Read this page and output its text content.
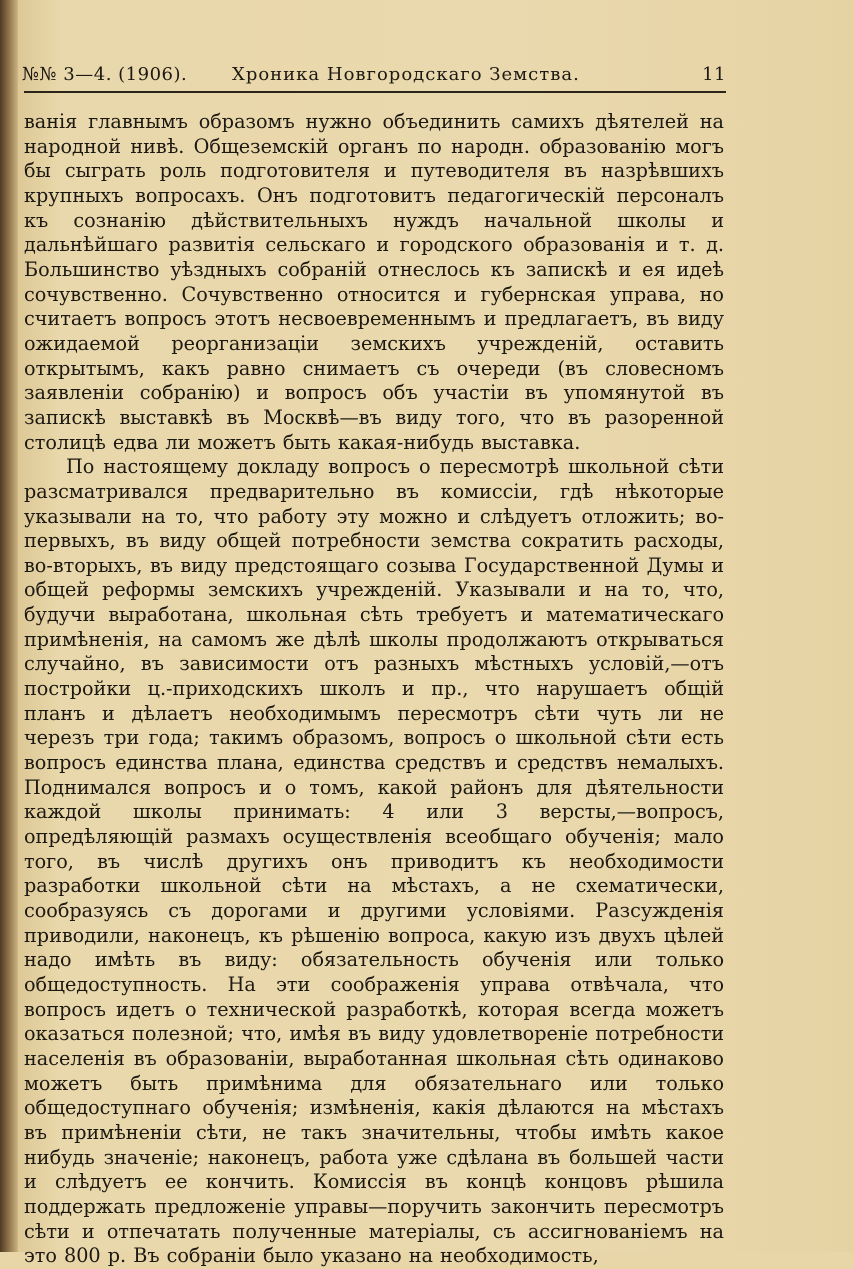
№№ 3—4. (1906). Хроника Новгородскаго Земства.	11

ванія главнымъ образомъ нужно объединить самихъ дѣятелей на народной нивѣ. Общеземскій органъ по народн. образованію могъ бы сыграть роль подготовителя и путеводителя въ назрѣвшихъ крупныхъ вопросахъ. Онъ подготовитъ педагогическій персоналъ къ сознанію дѣйствительныхъ нуждъ начальной школы и дальнѣйшаго развитія сельскаго и городского образованія и т. д. Большинство уѣздныхъ собраній отнеслось къ запискѣ и ея идеѣ сочувственно. Сочувственно относится и губернская управа, но считаетъ вопросъ этотъ несвоевременнымъ и предлагаетъ, въ виду ожидаемой реорганизаціи земскихъ учрежденій, оставить открытымъ, какъ равно снимаетъ съ очереди (въ словесномъ заявленіи собранію) и вопросъ объ участіи въ упомянутой въ запискѣ выставкѣ въ Москвѣ—въ виду того, что въ разоренной столицѣ едва ли можетъ быть какая-нибудь выставка.

По настоящему докладу вопросъ о пересмотрѣ школьной сѣти разсматривался предварительно въ комиссіи, гдѣ нѣкоторые указывали на то, что работу эту можно и слѣдуетъ отложить; во-первыхъ, въ виду общей потребности земства сократить расходы, во-вторыхъ, въ виду предстоящаго созыва Государственной Думы и общей реформы земскихъ учрежденій. Указывали и на то, что, будучи выработана, школьная сѣть требуетъ и математическаго примѣненія, на самомъ же дѣлѣ школы продолжаютъ открываться случайно, въ зависимости отъ разныхъ мѣстныхъ условій,—отъ постройки ц.-приходскихъ школъ и пр., что нарушаетъ общій планъ и дѣлаетъ необходимымъ пересмотръ сѣти чуть ли не черезъ три года; такимъ образомъ, вопросъ о школьной сѣти есть вопросъ единства плана, единства средствъ и средствъ немалыхъ. Поднимался вопросъ и о томъ, какой районъ для дѣятельности каждой школы принимать: 4 или 3 версты,—вопросъ, опредѣляющій размахъ осуществленія всеобщаго обученія; мало того, въ числѣ другихъ онъ приводитъ къ необходимости разработки школьной сѣти на мѣстахъ, а не схематически, сообразуясь съ дорогами и другими условіями. Разсужденія приводили, наконецъ, къ рѣшенію вопроса, какую изъ двухъ цѣлей надо имѣть въ виду: обязательность обученія или только общедоступность. На эти соображенія управа отвѣчала, что вопросъ идетъ о технической разработкѣ, которая всегда можетъ оказаться полезной; что, имѣя въ виду удовлетвореніе потребности населенія въ образованіи, выработанная школьная сѣть одинаково можетъ быть примѣнима для обязательнаго или только общедоступнаго обученія; измѣненія, какія дѣлаются на мѣстахъ въ примѣненіи сѣти, не такъ значительны, чтобы имѣть какое нибудь значеніе; наконецъ, работа уже сдѣлана въ большей части и слѣдуетъ ее кончить. Комиссія въ концѣ концовъ рѣшила поддержать предложеніе управы—поручить закончить пересмотръ сѣти и отпечатать полученные матеріалы, съ ассигнованіемъ на это 800 р. Въ собраніи было указано на необходимость,
